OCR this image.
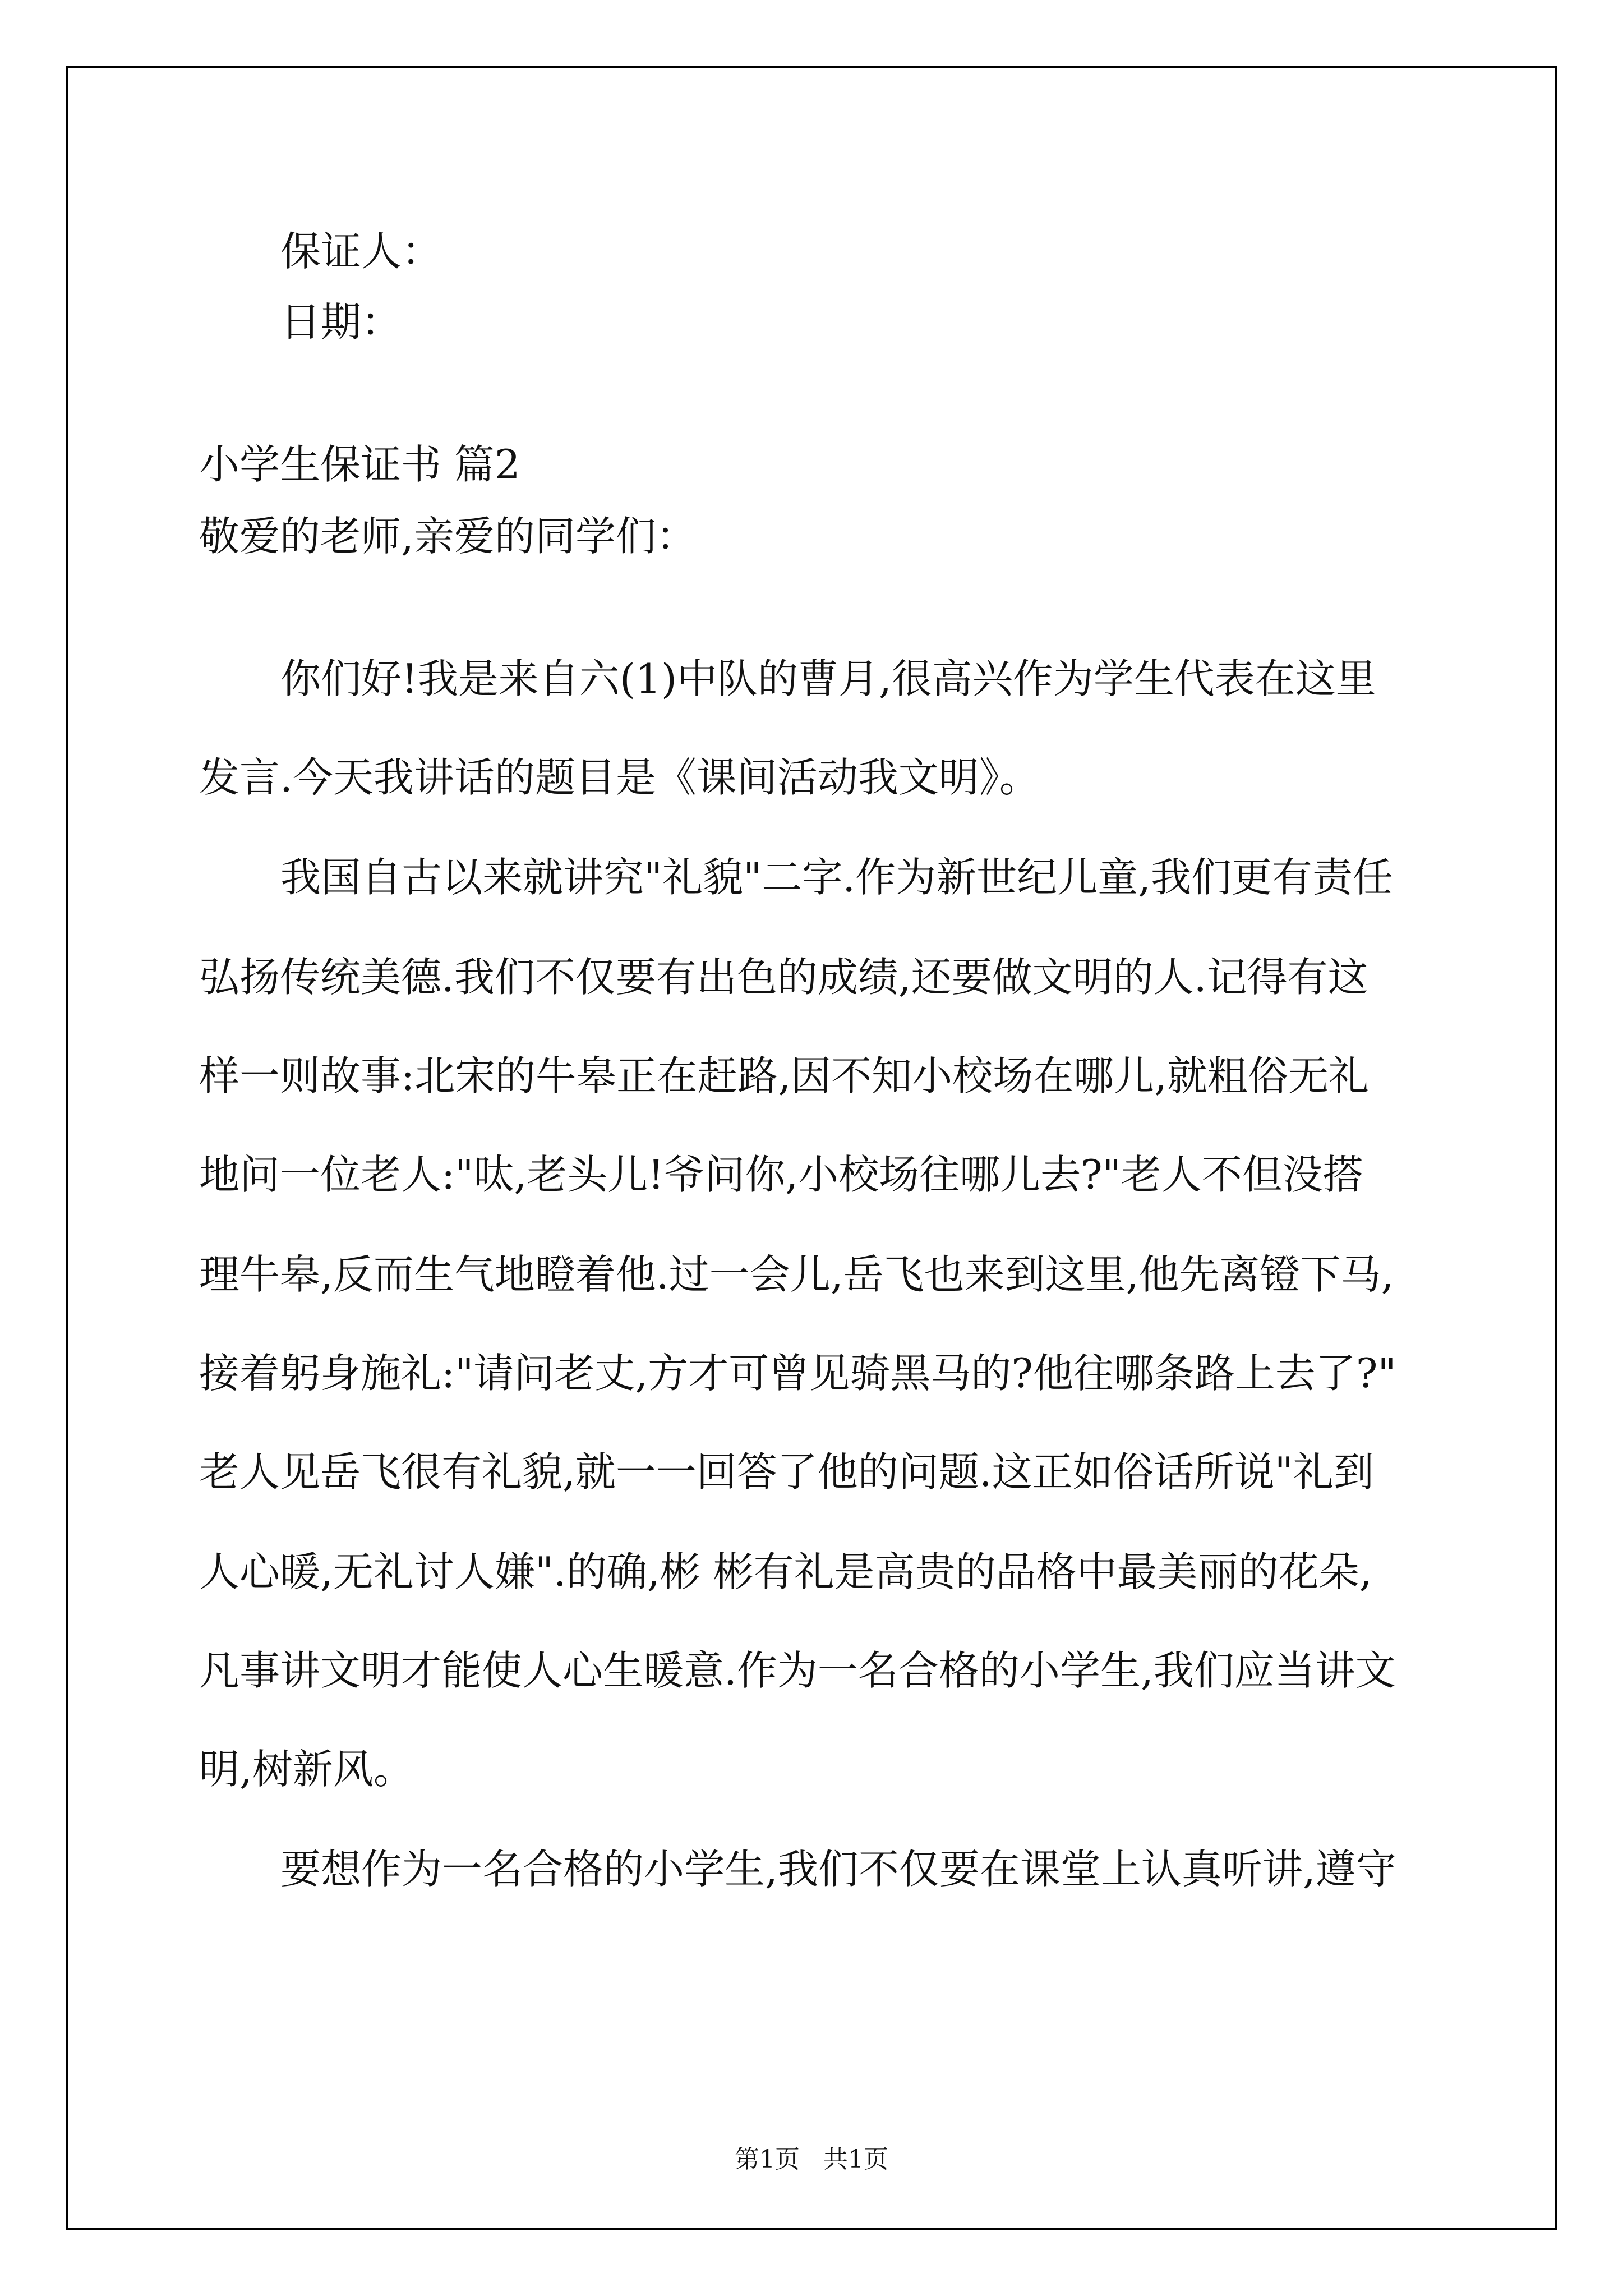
保证人：
日期：
小学生保证书 篇2
敬爱的老师,亲爱的同学们：
你们好!我是来自六(1)中队的曹月,很高兴作为学生代表在这里
发言.今天我讲话的题目是《课间活动我文明》。
我国自古以来就讲究"礼貌"二字.作为新世纪儿童,我们更有责任
弘扬传统美德.我们不仅要有出色的成绩,还要做文明的人.记得有这
样一则故事:北宋的牛皋正在赶路,因不知小校场在哪儿,就粗俗无礼
地问一位老人:"呔,老头儿!爷问你,小校场往哪儿去?"老人不但没搭
理牛皋,反而生气地瞪着他.过一会儿,岳飞也来到这里,他先离镫下马,
接着躬身施礼:"请问老丈,方才可曾见骑黑马的?他往哪条路上去了?"
老人见岳飞很有礼貌,就一一回答了他的问题.这正如俗话所说"礼到
人心暖,无礼讨人嫌".的确,彬 彬有礼是高贵的品格中最美丽的花朵,
凡事讲文明才能使人心生暖意.作为一名合格的小学生,我们应当讲文
明,树新风。
要想作为一名合格的小学生,我们不仅要在课堂上认真听讲,遵守
第1页   共1页
